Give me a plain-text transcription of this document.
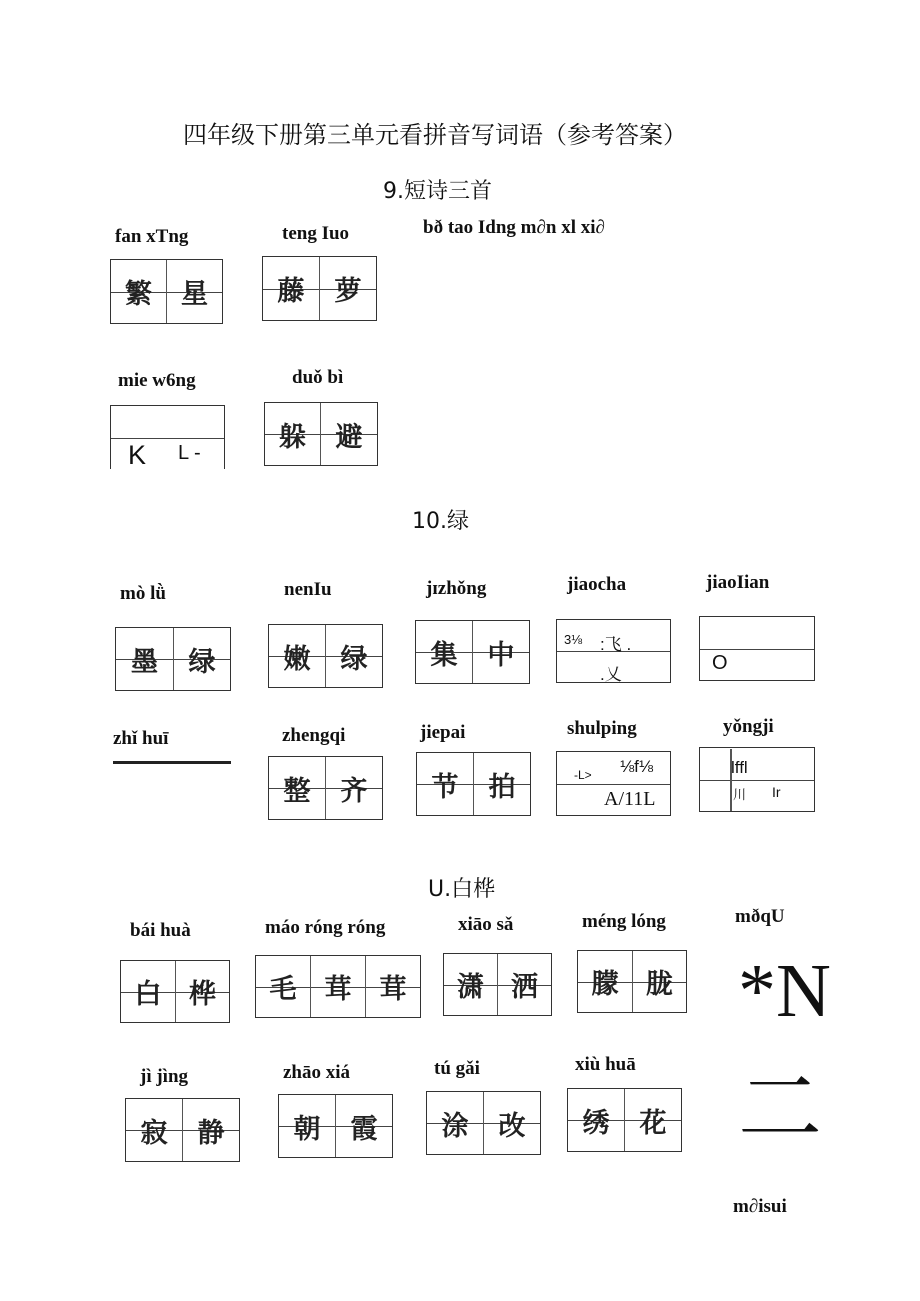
四年级下册第三单元看拼音写词语（参考答案）
9.短诗三首
fan xTng
繁 星
teng Iuo
藤 萝
bð tao Idng m∂n xl xi∂
mie w6ng
K L -
duǒ bì
躲 避
10.绿
mò lǜ
墨 绿
nenIu
嫩 绿
jɪzhǒng
集 中
jiaocha
3⅛ :飞 .
.乂
jiaoIian
O
zhǐ huī	zhengqi
整 齐
jiepai
节 拍
shulping
-L> ⅛f⅛
A/11L
yǒngji
lffl
川 Ir
U.白桦
bái huà
白 桦
máo róng róng
毛 茸 茸
xiāo sǎ
潇 洒
méng lóng
朦 胧
mðqU
*N
二
jì jìng
寂 静
zhāo xiá
朝 霞
tú gǎi
涂 改
xiù huā
绣 花
m∂isui
